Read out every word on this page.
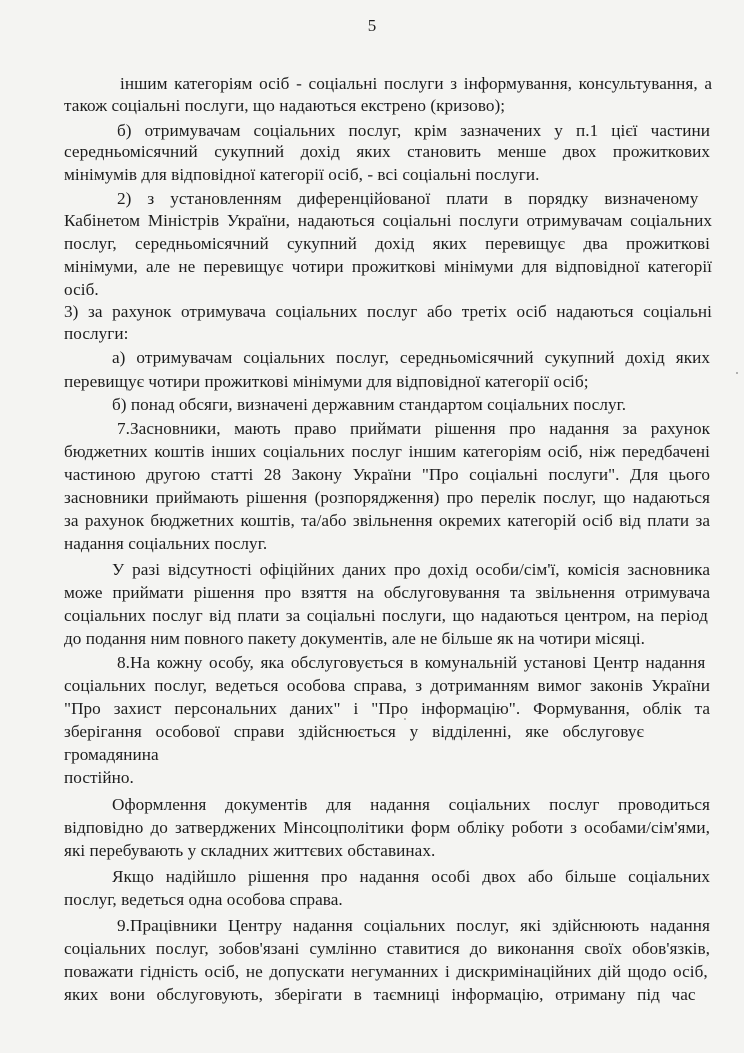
5
іншим категоріям осіб - соціальні послуги з інформування, консультування, а
також соціальні послуги, що надаються екстрено (кризово);
б) отримувачам соціальних послуг, крім зазначених у п.1 цієї частини
середньомісячний сукупний дохід яких становить менше двох прожиткових
мінімумів для відповідної категорії осіб, - всі соціальні послуги.
2) з установленням диференційованої плати в порядку визначеному
Кабінетом Міністрів України, надаються соціальні послуги отримувачам соціальних
послуг, середньомісячний сукупний дохід яких перевищує два прожиткові
мінімуми, але не перевищує чотири прожиткові мінімуми для відповідної категорії
осіб.
3) за рахунок отримувача соціальних послуг або третіх осіб надаються соціальні
послуги:
а) отримувачам соціальних послуг, середньомісячний сукупний дохід яких
перевищує чотири прожиткові мінімуми для відповідної категорії осіб;
б) понад обсяги, визначені державним стандартом соціальних послуг.
7.Засновники, мають право приймати рішення про надання за рахунок
бюджетних коштів інших соціальних послуг іншим категоріям осіб, ніж передбачені
частиною другою статті 28 Закону України "Про соціальні послуги". Для цього
засновники приймають рішення (розпорядження) про перелік послуг, що надаються
за рахунок бюджетних коштів, та/або звільнення окремих категорій осіб від плати за
надання соціальних послуг.
У разі відсутності офіційних даних про дохід особи/сім'ї, комісія засновника
може приймати рішення про взяття на обслуговування та звільнення отримувача
соціальних послуг від плати за соціальні послуги, що надаються центром, на період
до подання ним повного пакету документів, але не більше як на чотири місяці.
8.На кожну особу, яка обслуговується в комунальній установі Центр надання
соціальних послуг, ведеться особова справа, з дотриманням вимог законів України
"Про захист персональних даних" і "Про інформацію". Формування, облік та
зберігання особової справи здійснюється у відділенні, яке обслуговує
громадянина
постійно.
Оформлення документів для надання соціальних послуг проводиться
відповідно до затверджених Мінсоцполітики форм обліку роботи з особами/сім'ями,
які перебувають у складних життєвих обставинах.
Якщо надійшло рішення про надання особі двох або більше соціальних
послуг, ведеться одна особова справа.
9.Працівники Центру надання соціальних послуг, які здійснюють надання
соціальних послуг, зобов'язані сумлінно ставитися до виконання своїх обов'язків,
поважати гідність осіб, не допускати негуманних і дискримінаційних дій щодо осіб,
яких вони обслуговують, зберігати в таємниці інформацію, отриману під час
